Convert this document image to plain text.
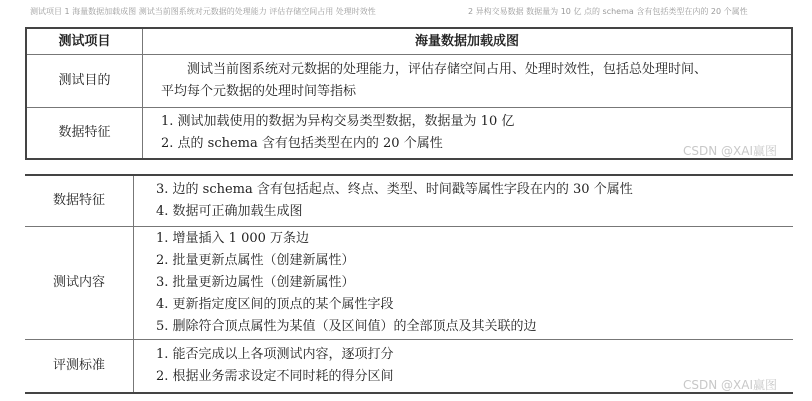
测试项目 1 海量数据加载成图 测试当前图系统对元数据的处理能力 评估存储空间占用 处理时效性	2 异构交易数据 数据量为 10 亿 点的 schema 含有包括类型在内的 20 个属性
测试项目	海量数据加载成图
测试目的	测试当前图系统对元数据的处理能力，评估存储空间占用、处理时效性，包括总处理时间、
平均每个元数据的处理时间等指标

数据特征	1. 测试加载使用的数据为异构交易类型数据，数据量为 10 亿
2. 点的 schema 含有包括类型在内的 20 个属性	CSDN @XAI赢图
数据特征	3. 边的 schema 含有包括起点、终点、类型、时间戳等属性字段在内的 30 个属性
4. 数据可正确加载生成图

测试内容	1. 增量插入 1 000 万条边
2. 批量更新点属性（创建新属性）
3. 批量更新边属性（创建新属性）
4. 更新指定度区间的顶点的某个属性字段
5. 删除符合顶点属性为某值（及区间值）的全部顶点及其关联的边

评测标准	1. 能否完成以上各项测试内容，逐项打分
2. 根据业务需求设定不同时耗的得分区间
CSDN @XAI赢图
